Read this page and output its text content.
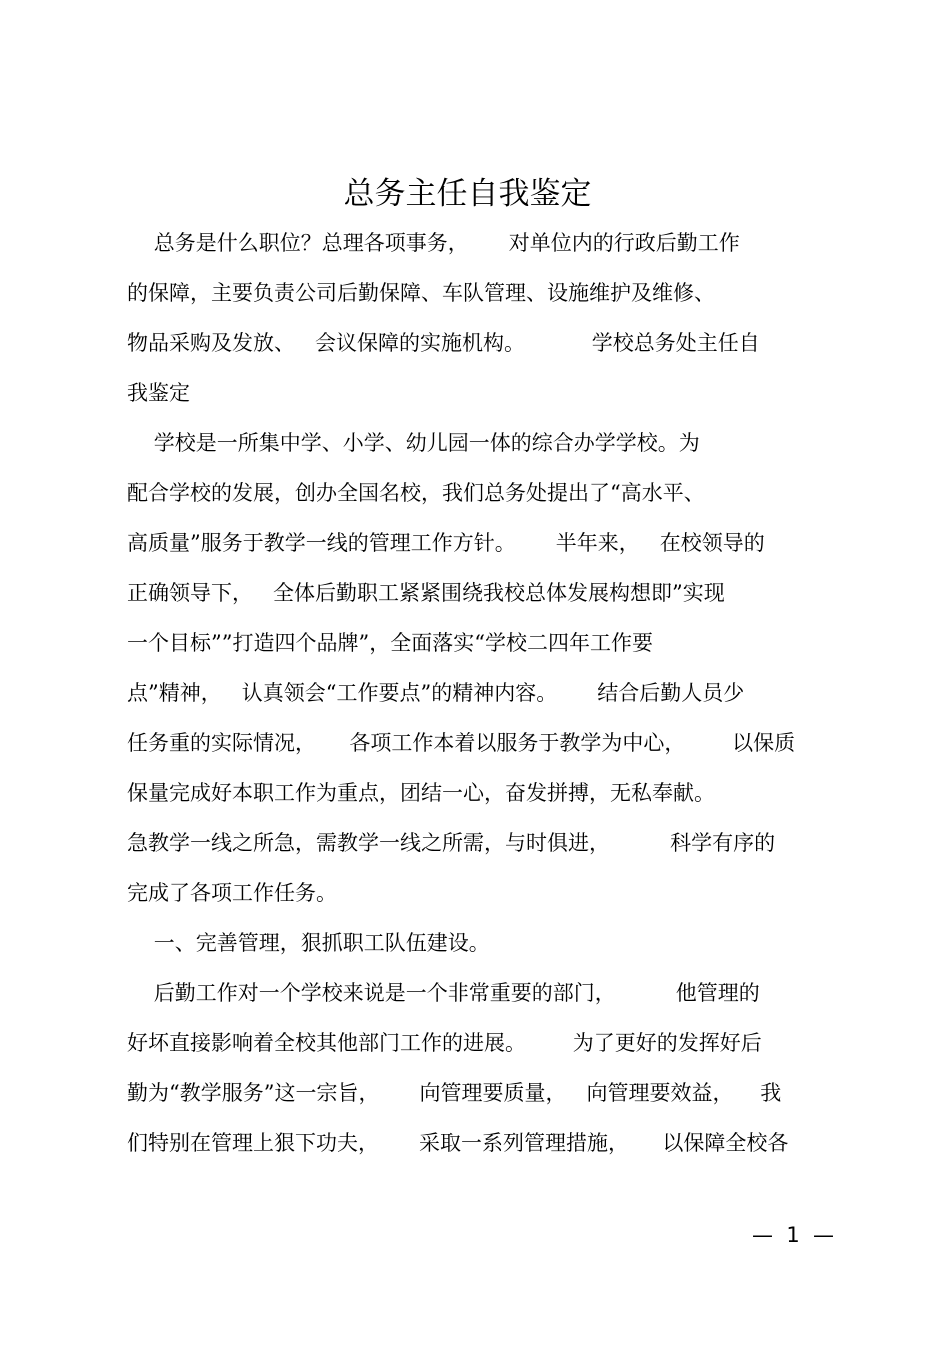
总务主任自我鉴定
总务是什么职位？总理各项事务，      对单位内的行政后勤工作
的保障，主要负责公司后勤保障、车队管理、设施维护及维修、
物品采购及发放、   会议保障的实施机构。          学校总务处主任自
我鉴定
学校是一所集中学、小学、幼儿园一体的综合办学学校。为
配合学校的发展，创办全国名校，我们总务处提出了“高水平、
高质量”服务于教学一线的管理工作方针。      半年来，   在校领导的
正确领导下，   全体后勤职工紧紧围绕我校总体发展构想即”实现
一个目标””打造四个品牌”，全面落实“学校二四年工作要
点”精神，   认真领会“工作要点”的精神内容。      结合后勤人员少
任务重的实际情况，     各项工作本着以服务于教学为中心，       以保质
保量完成好本职工作为重点，团结一心，奋发拼搏，无私奉献。
急教学一线之所急，需教学一线之所需，与时俱进，         科学有序的
完成了各项工作任务。
一、完善管理，狠抓职工队伍建设。
后勤工作对一个学校来说是一个非常重要的部门，         他管理的
好坏直接影响着全校其他部门工作的进展。       为了更好的发挥好后
勤为“教学服务”这一宗旨，      向管理要质量，   向管理要效益，    我
们特别在管理上狠下功夫，      采取一系列管理措施，     以保障全校各
—  1  —
